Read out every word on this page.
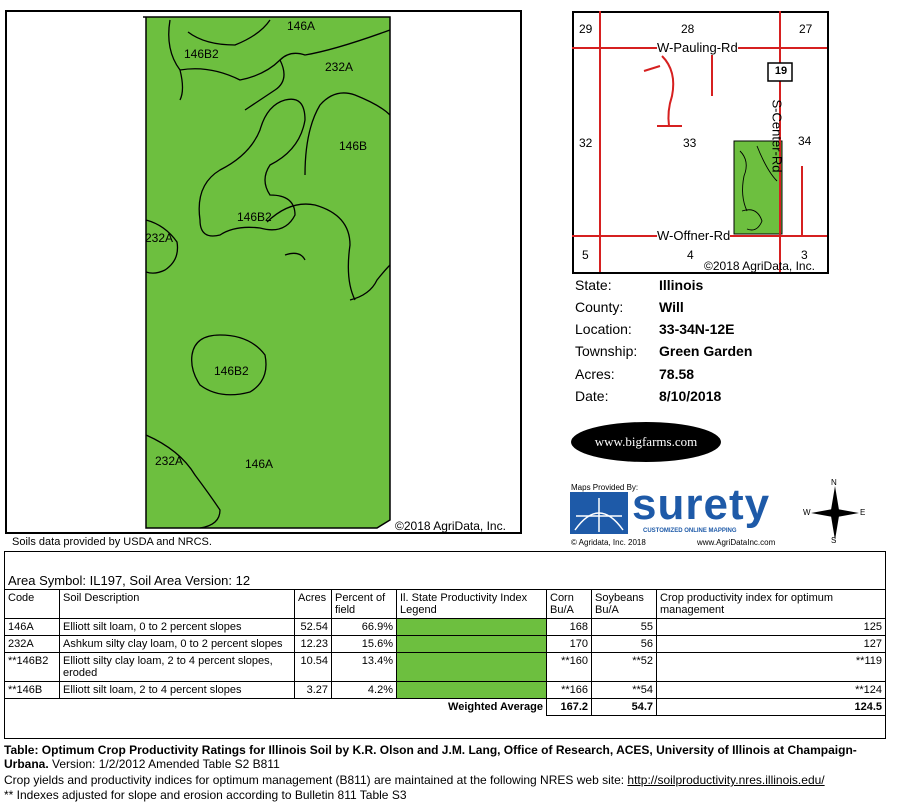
146A
146B2
232A
146B
146B2
232A
146B2
232A	146A
©2018 AgriData, Inc.
Soils data provided by USDA and NRCS.
29	28	27
32	33	34
5	4	3
W-Pauling-Rd
S-Center-Rd
W-Offner-Rd
19
©2018 AgriData, Inc.
State:	Illinois
County:	Will
Location: 33-34N-12E
Township: Green Garden
Acres:	78.58
Date:	8/10/2018
www.bigfarms.com
Maps Provided By:
surety
CUSTOMIZED ONLINE MAPPING
© Agridata, Inc. 2018	www.AgriDataInc.com
N
S
W	E
Area Symbol: IL197, Soil Area Version: 12
Code	Soil Description	Acres	Percent of field	Il. State Productivity Index Legend	Corn Bu/A	Soybeans Bu/A	Crop productivity index for optimum management
146A	Elliott silt loam, 0 to 2 percent slopes	52.54	66.9%		168	55	125
232A	Ashkum silty clay loam, 0 to 2 percent slopes	12.23	15.6%		170	56	127
**146B2	Elliott silty clay loam, 2 to 4 percent slopes, eroded	10.54	13.4%		**160	**52	**119
**146B	Elliott silt loam, 2 to 4 percent slopes	3.27	4.2%		**166	**54	**124
Weighted Average					167.2	54.7	124.5
Table: Optimum Crop Productivity Ratings for Illinois Soil by K.R. Olson and J.M. Lang, Office of Research, ACES, University of Illinois at Champaign-Urbana. Version: 1/2/2012 Amended Table S2 B811
Crop yields and productivity indices for optimum management (B811) are maintained at the following NRES web site: http://soilproductivity.nres.illinois.edu/
** Indexes adjusted for slope and erosion according to Bulletin 811 Table S3
